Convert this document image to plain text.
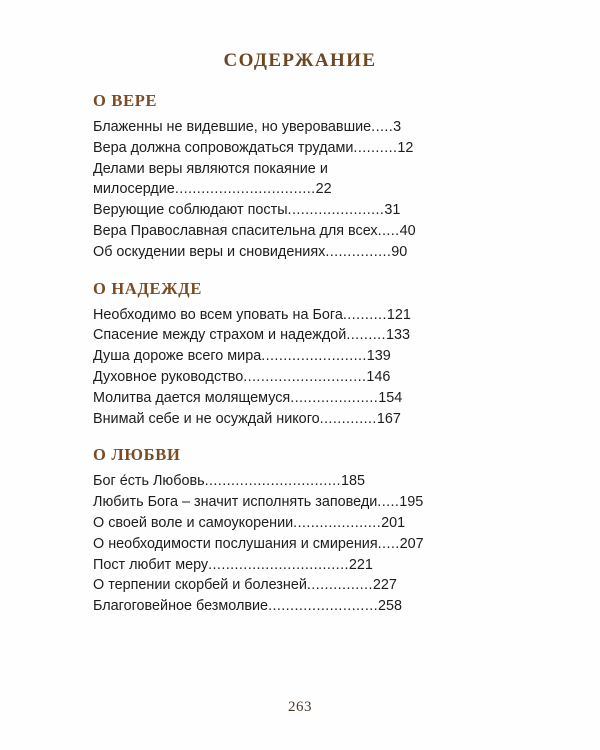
СОДЕРЖАНИЕ
О ВЕРЕ
Блаженны не видевшие, но уверовавшие.....3
Вера должна сопровождаться трудами..........12
Делами веры являются покаяние и милосердие................................22
Верующие соблюдают посты......................31
Вера Православная спасительна для всех.....40
Об оскудении веры и сновидениях...............90
О НАДЕЖДЕ
Необходимо во всем уповать на Бога..........121
Спасение между страхом и надеждой.........133
Душа дороже всего мира........................139
Духовное руководство............................146
Молитва дается молящемуся....................154
Внимай себе и не осуждай никого.............167
О ЛЮБВИ
Бог е́сть Любовь...............................185
Любить Бога – значит исполнять заповеди.....195
О своей воле и самоукорении....................201
О необходимости послушания и смирения.....207
Пост любит меру................................221
О терпении скорбей и болезней...............227
Благоговейное безмолвие.........................258
263
